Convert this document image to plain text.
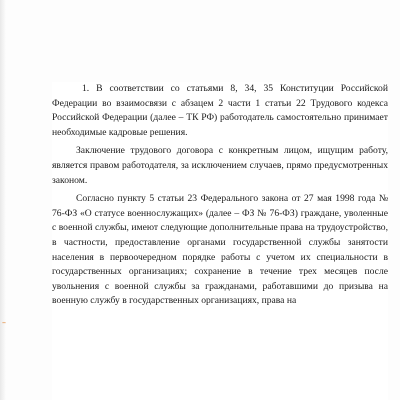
–

1. В соответствии со статьями 8, 34, 35 Конституции Российской Федерации во взаимосвязи с абзацем 2 части 1 статьи 22 Трудового кодекса Российской Федерации (далее – ТК РФ) работодатель самостоятельно принимает необходимые кадровые решения.

Заключение трудового договора с конкретным лицом, ищущим работу, является правом работодателя, за исключением случаев, прямо предусмотренных законом.

Согласно пункту 5 статьи 23 Федерального закона от 27 мая 1998 года № 76-ФЗ «О статусе военнослужащих» (далее – ФЗ № 76-ФЗ) граждане, уволенные с военной службы, имеют следующие дополнительные права на трудоустройство, в частности, предоставление органами государственной службы занятости населения в первоочередном порядке работы с учетом их специальности в государственных организациях; сохранение в течение трех месяцев после увольнения с военной службы за гражданами, работавшими до призыва на военную службу в государственных организациях, права на
